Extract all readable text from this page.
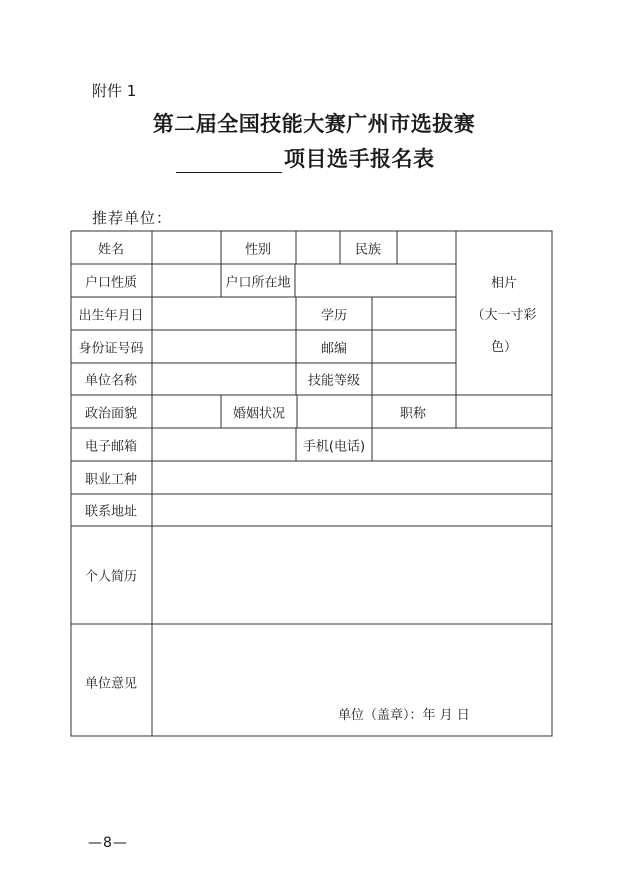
附件 1
第二届全国技能大赛广州市选拔赛
项目选手报名表
推荐单位：
姓名	性别	民族
相片
（大一寸彩
色）
户口性质	户口所在地
出生年月日	学历
身份证号码	邮编
单位名称	技能等级
政治面貌	婚姻状况	职称
电子邮箱	手机(电话)
职业工种
联系地址
个人简历
单位意见
单位（盖章）：年 月 日
—8—
